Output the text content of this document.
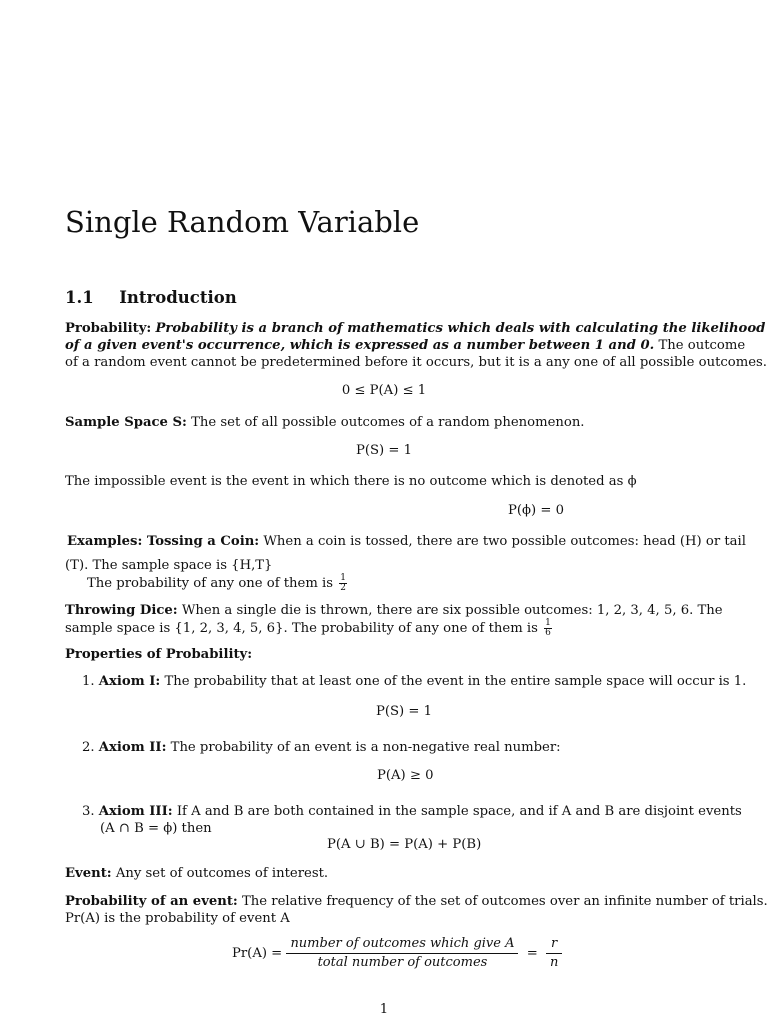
Single Random Variable
1.1 Introduction
Probability: Probability is a branch of mathematics which deals with calculating the likelihood
of a given event's occurrence, which is expressed as a number between 1 and 0. The outcome
of a random event cannot be predetermined before it occurs, but it is a any one of all possible outcomes.
0 ≤ P(A) ≤ 1
Sample Space S: The set of all possible outcomes of a random phenomenon.
P(S) = 1
The impossible event is the event in which there is no outcome which is denoted as ϕ
P(ϕ) = 0
Examples: Tossing a Coin: When a coin is tossed, there are two possible outcomes: head (H) or tail
(T). The sample space is {H,T}
The probability of any one of them is $\frac{1}{2}$
Throwing Dice: When a single die is thrown, there are six possible outcomes: 1, 2, 3, 4, 5, 6. The
sample space is {1, 2, 3, 4, 5, 6}. The probability of any one of them is $\frac{1}{6}$
Properties of Probability:
1. Axiom I: The probability that at least one of the event in the entire sample space will occur is 1.
P(S) = 1
2. Axiom II: The probability of an event is a non-negative real number:
P(A) ≥ 0
3. Axiom III: If A and B are both contained in the sample space, and if A and B are disjoint events
(A ∩ B = ϕ) then
P(A ∪ B) = P(A) + P(B)
Event: Any set of outcomes of interest.
Probability of an event: The relative frequency of the set of outcomes over an infinite number of trials.
Pr(A) is the probability of event A
$Pr(A) = \frac{\text{number of outcomes which give A}}{\text{total number of outcomes}} = \frac{r}{n}$
1
